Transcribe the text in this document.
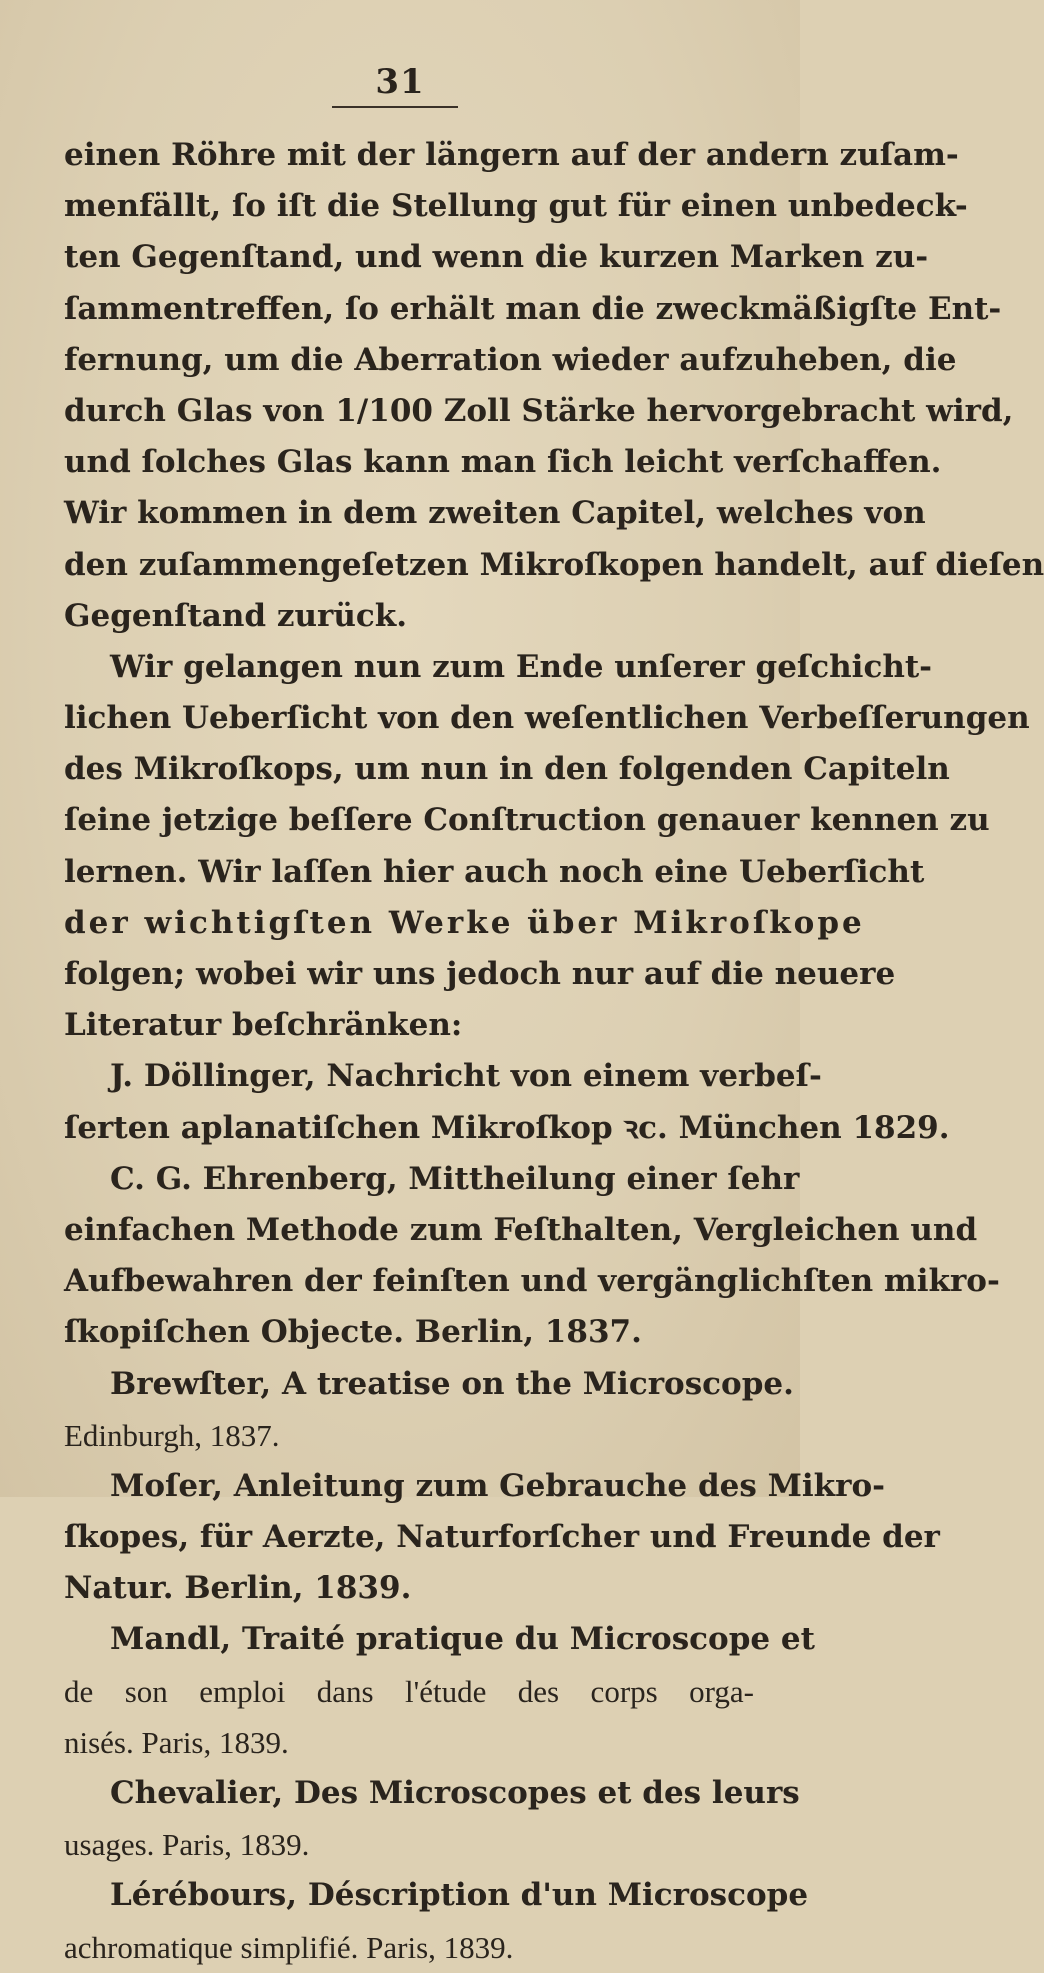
31
einen Röhre mit der längern auf der andern zuſam-
menfällt, ſo iſt die Stellung gut für einen unbedeck-
ten Gegenſtand, und wenn die kurzen Marken zu-
ſammentreffen, ſo erhält man die zweckmäßigſte Ent-
fernung, um die Aberration wieder aufzuheben, die
durch Glas von 1/100 Zoll Stärke hervorgebracht wird,
und ſolches Glas kann man ſich leicht verſchaffen.
Wir kommen in dem zweiten Capitel, welches von
den zuſammengeſetzen Mikroſkopen handelt, auf dieſen
Gegenſtand zurück.
Wir gelangen nun zum Ende unſerer geſchicht-
lichen Ueberſicht von den weſentlichen Verbeſſerungen
des Mikroſkops, um nun in den folgenden Capiteln
ſeine jetzige beſſere Conſtruction genauer kennen zu
lernen. Wir laſſen hier auch noch eine Ueberſicht
der wichtigſten Werke über Mikroſkope
folgen; wobei wir uns jedoch nur auf die neuere
Literatur beſchränken:
J. Döllinger, Nachricht von einem verbeſ-
ſerten aplanatiſchen Mikroſkop ꝛc. München 1829.
C. G. Ehrenberg, Mittheilung einer ſehr
einfachen Methode zum Feſthalten, Vergleichen und
Aufbewahren der feinſten und vergänglichſten mikro-
ſkopiſchen Objecte. Berlin, 1837.
Brewſter, A treatise on the Microscope.
Edinburgh, 1837.
Moſer, Anleitung zum Gebrauche des Mikro-
ſkopes, für Aerzte, Naturforſcher und Freunde der
Natur. Berlin, 1839.
Mandl, Traité pratique du Microscope et
de son emploi dans l'étude des corps orga-
nisés. Paris, 1839.
Chevalier, Des Microscopes et des leurs
usages. Paris, 1839.
Lérébours, Déscription d'un Microscope
achromatique simplifié. Paris, 1839.
